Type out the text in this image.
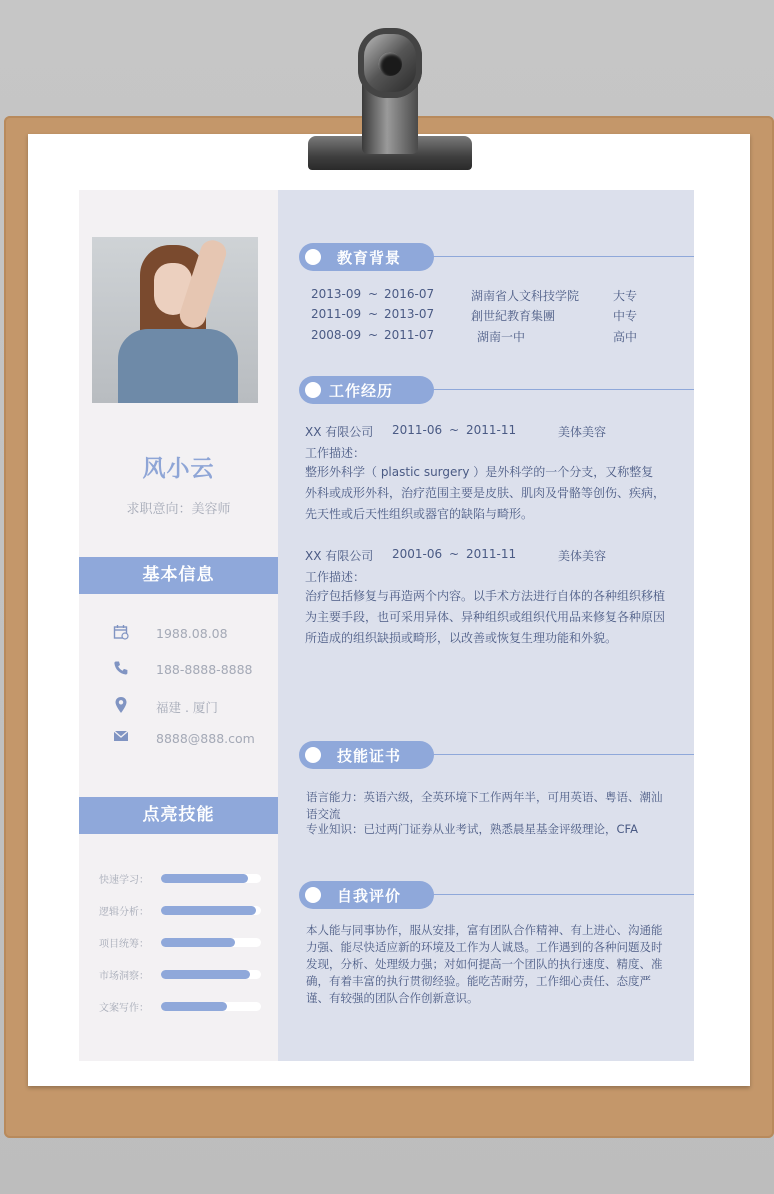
风小云
求职意向：美容师
基本信息
1988.08.08
188-8888-8888
福建 . 厦门
8888@888.com
点亮技能
快速学习：
逻辑分析：
项目统筹：
市场洞察：
文案写作：
教育背景
2013-09 ~ 2016-07	湖南省人文科技学院	大专
2011-09 ~ 2013-07	創世紀教育集團	中专
2008-09 ~ 2011-07	湖南一中	高中
工作经历
XX 有限公司 2011-06 ~ 2011-11	美体美容
工作描述：
整形外科学（ plastic surgery ）是外科学的一个分支，又称整复外科或成形外科，治疗范围主要是皮肤、肌肉及骨骼等创伤、疾病，先天性或后天性组织或器官的缺陷与畸形。
XX 有限公司 2001-06 ~ 2011-11	美体美容
工作描述：
治疗包括修复与再造两个内容。以手术方法进行自体的各种组织移植为主要手段，也可采用异体、异种组织或组织代用品来修复各种原因所造成的组织缺损或畸形，以改善或恢复生理功能和外貌。
技能证书
语言能力：英语六级，全英环境下工作两年半，可用英语、粤语、潮汕语交流
专业知识：已过两门证券从业考试，熟悉晨星基金评级理论，CFA
自我评价
本人能与同事协作，服从安排，富有团队合作精神、有上进心、沟通能力强、能尽快适应新的环境及工作为人诚恳。工作遇到的各种问题及时发现，分析、处理级力强；对如何提高一个团队的执行速度、精度、准确，有着丰富的执行贯彻经验。能吃苦耐劳，工作细心责任、态度严谨、有较强的团队合作创新意识。
